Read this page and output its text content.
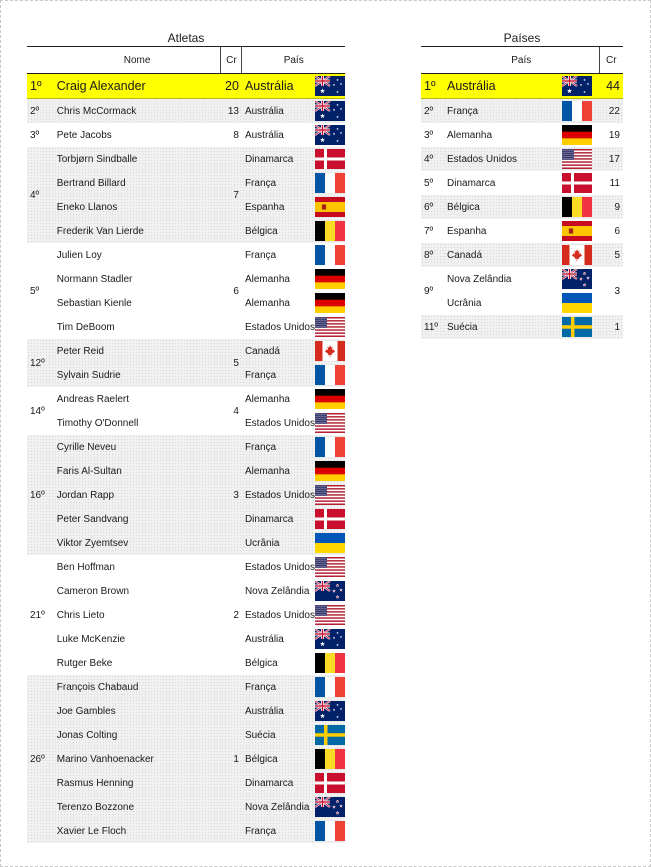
Atletas
	Nome	Cr	País	
1º	Craig Alexander	20	Austrália	

2º	Chris McCormack	13	Austrália	

3º	Pete Jacobs	8	Austrália	

4º	Torbjørn Sindballe	7	Dinamarca	

	Bertrand Billard		França	

	Eneko Llanos		Espanha	

	Frederik Van Lierde		Bélgica	

5º	Julien Loy	6	França	

	Normann Stadler		Alemanha	

	Sebastian Kienle		Alemanha	

	Tim DeBoom		Estados Unidos	

12º	Peter Reid	5	Canadá	

	Sylvain Sudrie		França	

14º	Andreas Raelert	4	Alemanha	

	Timothy O'Donnell		Estados Unidos	

16º	Cyrille Neveu	3	França	

	Faris Al-Sultan		Alemanha	

	Jordan Rapp		Estados Unidos	

	Peter Sandvang		Dinamarca	

	Viktor Zyemtsev		Ucrânia	

21º	Ben Hoffman	2	Estados Unidos	

	Cameron Brown		Nova Zelândia	

	Chris Lieto		Estados Unidos	

	Luke McKenzie		Austrália	

	Rutger Beke		Bélgica	

26º	François Chabaud	1	França	

	Joe Gambles		Austrália	

	Jonas Colting		Suécia	

	Marino Vanhoenacker		Bélgica	

	Rasmus Henning		Dinamarca	

	Terenzo Bozzone		Nova Zelândia	

	Xavier Le Floch		França	
Países
	País		Cr
1º	Austrália		44
2º	França		22
3º	Alemanha		19
4º	Estados Unidos		17
5º	Dinamarca		11
6º	Bélgica		9
7º	Espanha		6
8º	Canadá		5
9º	Nova Zelândia		3
	Ucrânia	

11º	Suécia		1
